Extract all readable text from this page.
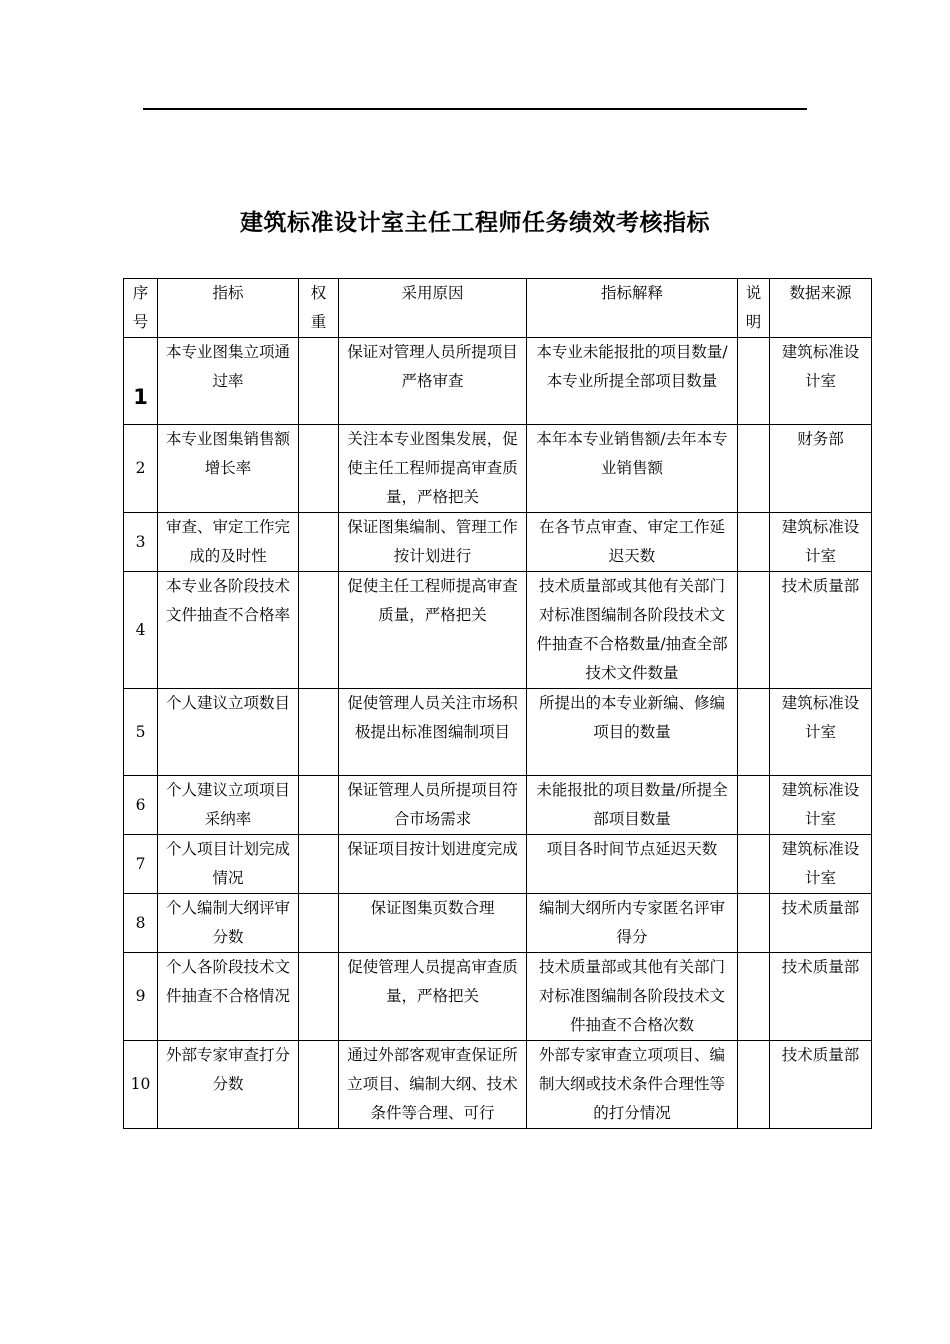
建筑标准设计室主任工程师任务绩效考核指标
序号	指标	权重	采用原因	指标解释	说明	数据来源
1	本专业图集立项通过率		保证对管理人员所提项目严格审查	本专业未能报批的项目数量/本专业所提全部项目数量		建筑标准设计室
2	本专业图集销售额增长率		关注本专业图集发展，促使主任工程师提高审查质量，严格把关	本年本专业销售额/去年本专业销售额		财务部
3	审查、审定工作完成的及时性		保证图集编制、管理工作按计划进行	在各节点审查、审定工作延迟天数		建筑标准设计室
4	本专业各阶段技术文件抽查不合格率		促使主任工程师提高审查质量，严格把关	技术质量部或其他有关部门对标准图编制各阶段技术文件抽查不合格数量/抽查全部技术文件数量		技术质量部
5	个人建议立项数目		促使管理人员关注市场积极提出标准图编制项目	所提出的本专业新编、修编项目的数量		建筑标准设计室
6	个人建议立项项目采纳率		保证管理人员所提项目符合市场需求	未能报批的项目数量/所提全部项目数量		建筑标准设计室
7	个人项目计划完成情况		保证项目按计划进度完成	项目各时间节点延迟天数		建筑标准设计室
8	个人编制大纲评审分数		保证图集页数合理	编制大纲所内专家匿名评审得分		技术质量部
9	个人各阶段技术文件抽查不合格情况		促使管理人员提高审查质量，严格把关	技术质量部或其他有关部门对标准图编制各阶段技术文件抽查不合格次数		技术质量部
10	外部专家审查打分分数		通过外部客观审查保证所立项目、编制大纲、技术条件等合理、可行	外部专家审查立项项目、编制大纲或技术条件合理性等的打分情况		技术质量部
